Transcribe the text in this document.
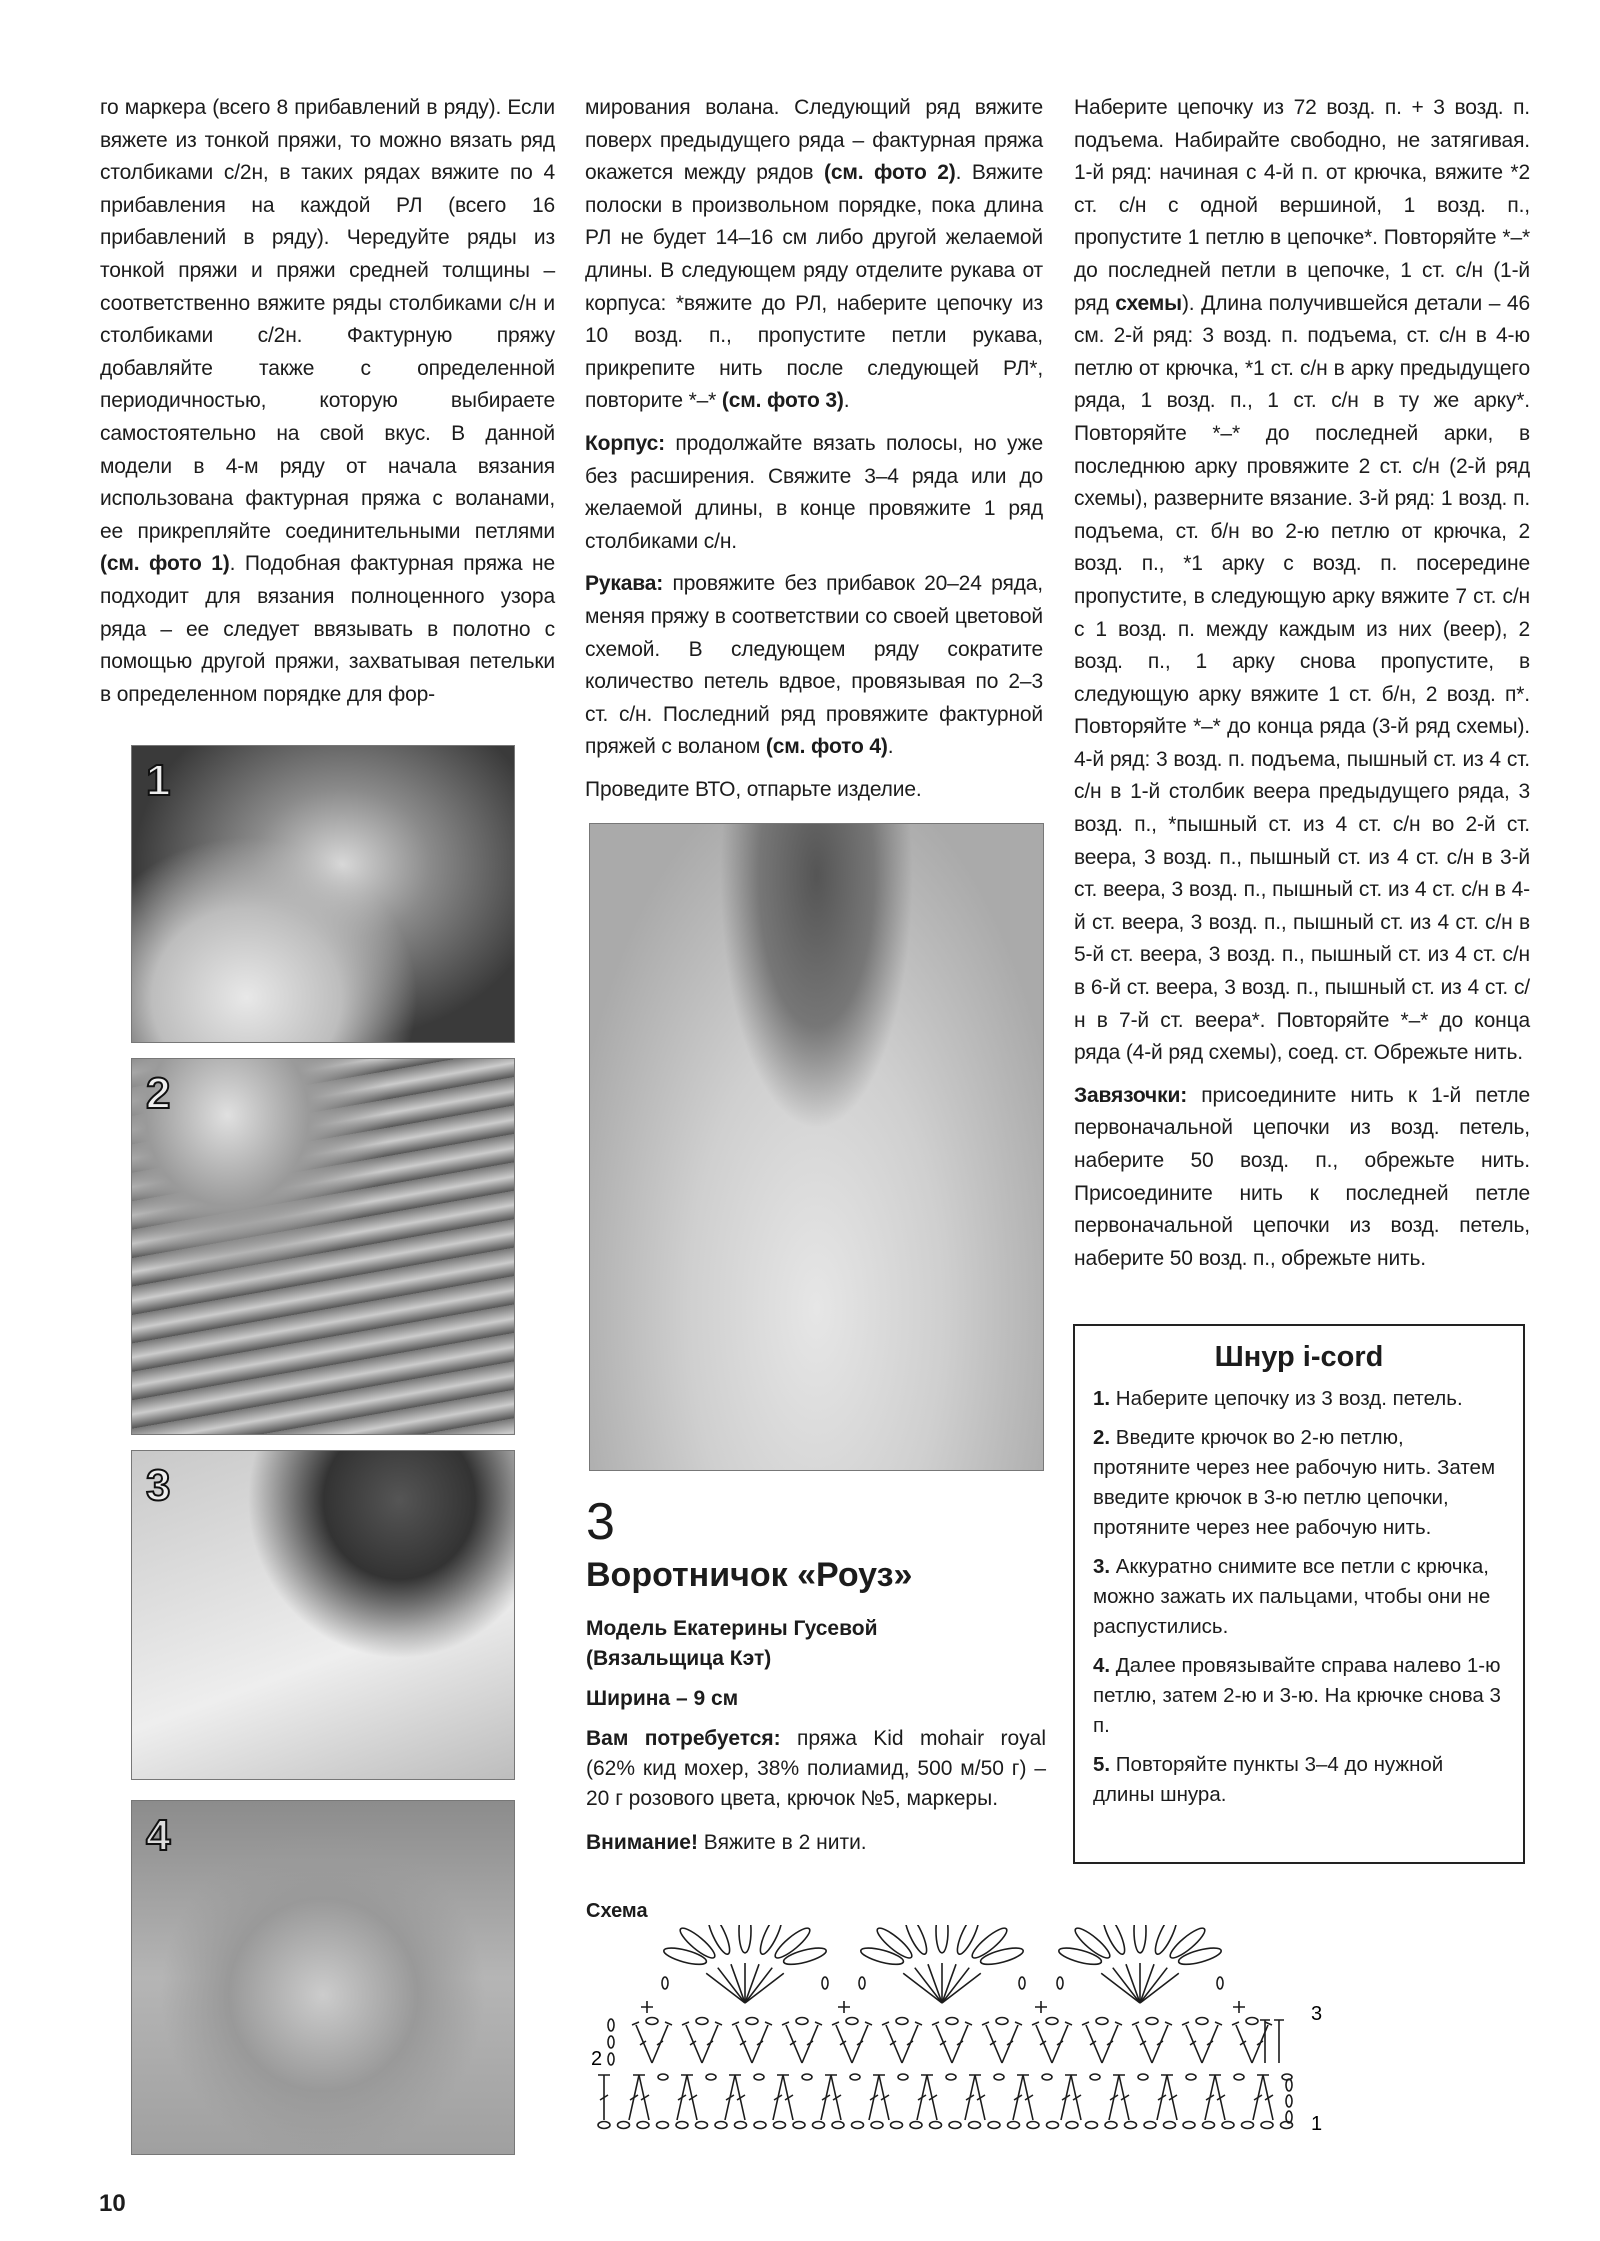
го маркера (всего 8 прибавлений в ряду). Если вяжете из тонкой пряжи, то можно вязать ряд столбиками с/2н, в таких рядах вяжите по 4 прибавления на каждой РЛ (всего 16 прибавлений в ряду). Чередуйте ряды из тонкой пряжи и пряжи средней толщины – соответственно вяжите ряды столбиками с/н и столбиками с/2н. Фактурную пряжу добавляйте также с определенной периодичностью, которую выбираете самостоятельно на свой вкус. В данной модели в 4-м ряду от начала вязания использована фактурная пряжа с воланами, ее прикрепляйте соединительными петлями (см. фото 1). Подобная фактурная пряжа не подходит для вязания полноценного узора ряда – ее следует ввязывать в полотно с помощью другой пряжи, захватывая петельки в определенном порядке для фор-

мирования волана. Следующий ряд вяжите поверх предыдущего ряда – фактурная пряжа окажется между рядов (см. фото 2). Вяжите полоски в произвольном порядке, пока длина РЛ не будет 14–16 см либо другой желаемой длины. В следующем ряду отделите рукава от корпуса: *вяжите до РЛ, наберите цепочку из 10 возд. п., пропустите петли рукава, прикрепите нить после следующей РЛ*, повторите *–* (см. фото 3).

Корпус: продолжайте вязать полосы, но уже без расширения. Свяжите 3–4 ряда или до желаемой длины, в конце провяжите 1 ряд столбиками с/н.

Рукава: провяжите без прибавок 20–24 ряда, меняя пряжу в соответствии со своей цветовой схемой. В следующем ряду сократите количество петель вдвое, провязывая по 2–3 ст. с/н. Последний ряд провяжите фактурной пряжей с воланом (см. фото 4).

Проведите ВТО, отпарьте изделие.

Наберите цепочку из 72 возд. п. + 3 возд. п. подъема. Набирайте свободно, не затягивая. 1-й ряд: начиная с 4-й п. от крючка, вяжите *2 ст. с/н с одной вершиной, 1 возд. п., пропустите 1 петлю в цепочке*. Повторяйте *–* до последней петли в цепочке, 1 ст. с/н (1-й ряд схемы). Длина получившейся детали – 46 см. 2-й ряд: 3 возд. п. подъема, ст. с/н в 4-ю петлю от крючка, *1 ст. с/н в арку предыдущего ряда, 1 возд. п., 1 ст. с/н в ту же арку*. Повторяйте *–* до последней арки, в последнюю арку провяжите 2 ст. с/н (2-й ряд схемы), разверните вязание. 3-й ряд: 1 возд. п. подъема, ст. б/н во 2-ю петлю от крючка, 2 возд. п., *1 арку с возд. п. посередине пропустите, в следующую арку вяжите 7 ст. с/н с 1 возд. п. между каждым из них (веер), 2 возд. п., 1 арку снова пропустите, в следующую арку вяжите 1 ст. б/н, 2 возд. п*. Повторяйте *–* до конца ряда (3-й ряд схемы). 4-й ряд: 3 возд. п. подъема, пышный ст. из 4 ст. с/н в 1-й столбик веера предыдущего ряда, 3 возд. п., *пышный ст. из 4 ст. с/н во 2-й ст. веера, 3 возд. п., пышный ст. из 4 ст. с/н в 3-й ст. веера, 3 возд. п., пышный ст. из 4 ст. с/н в 4-й ст. веера, 3 возд. п., пышный ст. из 4 ст. с/н в 5-й ст. веера, 3 возд. п., пышный ст. из 4 ст. с/н в 6-й ст. веера, 3 возд. п., пышный ст. из 4 ст. с/н в 7-й ст. веера*. Повторяйте *–* до конца ряда (4-й ряд схемы), соед. ст. Обрежьте нить.

Завязочки: присоедините нить к 1-й петле первоначальной цепочки из возд. петель, наберите 50 возд. п., обрежьте нить. Присоедините нить к последней петле первоначальной цепочки из возд. петель, наберите 50 возд. п., обрежьте нить.

1
2
3
4
3
Воротничок «Роуз»
Модель Екатерины Гусевой
(Вязальщица Кэт)
Ширина – 9 см
Вам потребуется: пряжа Kid mohair royal (62% кид мохер, 38% полиамид, 500 м/50 г) – 20 г розового цвета, крючок №5, маркеры.
Внимание! Вяжите в 2 нити.
Шнур i-cord

1. Наберите цепочку из 3 возд. петель.

2. Введите крючок во 2-ю петлю, протяните через нее рабочую нить. Затем введите крючок в 3-ю петлю цепочки, протяните через нее рабочую нить.

3. Аккуратно снимите все петли с крючка, можно зажать их пальцами, чтобы они не распустились.

4. Далее провязывайте справа налево 1-ю петлю, затем 2-ю и 3-ю. На крючке снова 3 п.

5. Повторяйте пункты 3–4 до нужной длины шнура.

Схема
1
2
3
10
